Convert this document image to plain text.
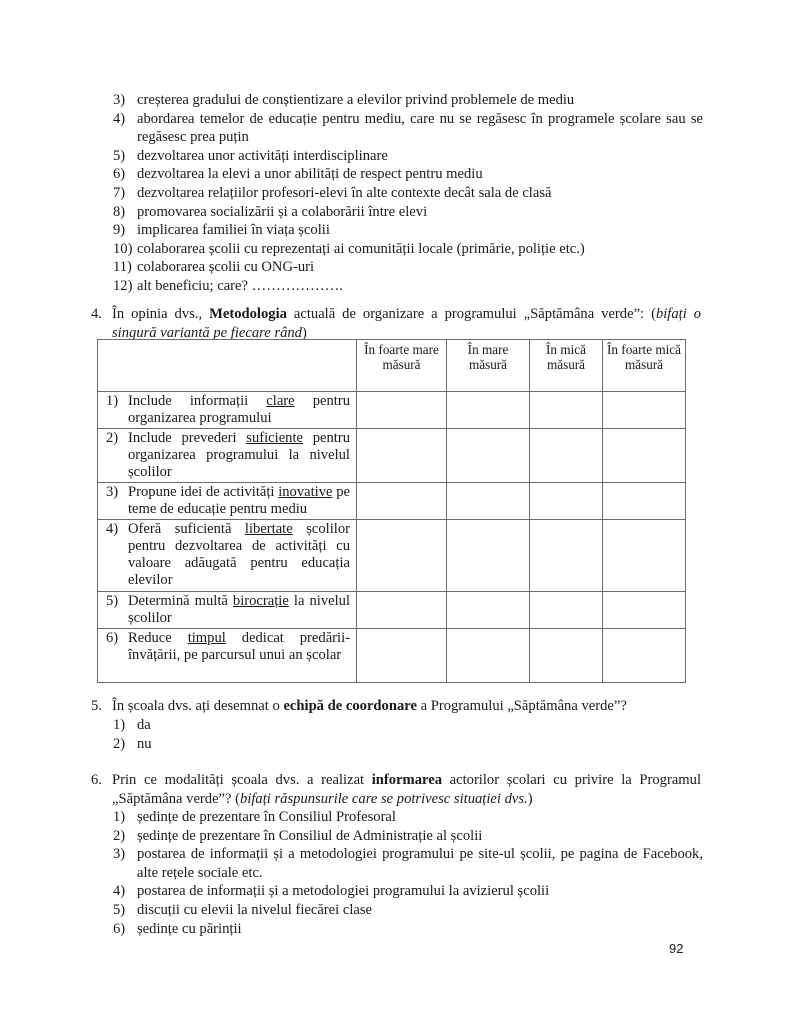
3) creșterea gradului de conștientizare a elevilor privind problemele de mediu
4) abordarea temelor de educație pentru mediu, care nu se regăsesc în programele școlare sau se regăsesc prea puțin
5) dezvoltarea unor activități interdisciplinare
6) dezvoltarea la elevi a unor abilități de respect pentru mediu
7) dezvoltarea relațiilor profesori-elevi în alte contexte decât sala de clasă
8) promovarea socializării și a colaborării între elevi
9) implicarea familiei în viața școlii
10) colaborarea școlii cu reprezentați ai comunității locale (primărie, poliție etc.)
11) colaborarea școlii cu ONG-uri
12) alt beneficiu; care? ……………….
4. În opinia dvs., Metodologia actuală de organizare a programului „Săptămâna verde”: (bifați o singură variantă pe fiecare rând)
	În foarte mare măsură	În mare măsură	În mică măsură	În foarte mică măsură

1) Include informații clare pentru organizarea programului				

2) Include prevederi suficiente pentru organizarea programului la nivelul școlilor				

3) Propune idei de activități inovative pe teme de educație pentru mediu				

4) Oferă suficientă libertate școlilor pentru dezvoltarea de activități cu valoare adăugată pentru educația elevilor				

5) Determină multă birocrație la nivelul școlilor				

6) Reduce timpul dedicat predării-învățării, pe parcursul unui an școlar				
5. În școala dvs. ați desemnat o echipă de coordonare a Programului „Săptămâna verde”?
1) da
2) nu
6. Prin ce modalități școala dvs. a realizat informarea actorilor școlari cu privire la Programul „Săptămâna verde”? (bifați răspunsurile care se potrivesc situației dvs.)
1) ședințe de prezentare în Consiliul Profesoral
2) ședințe de prezentare în Consiliul de Administrație al școlii
3) postarea de informații și a metodologiei programului pe site-ul școlii, pe pagina de Facebook, alte rețele sociale etc.
4) postarea de informații și a metodologiei programului la avizierul școlii
5) discuții cu elevii la nivelul fiecărei clase
6) ședințe cu părinții
92
